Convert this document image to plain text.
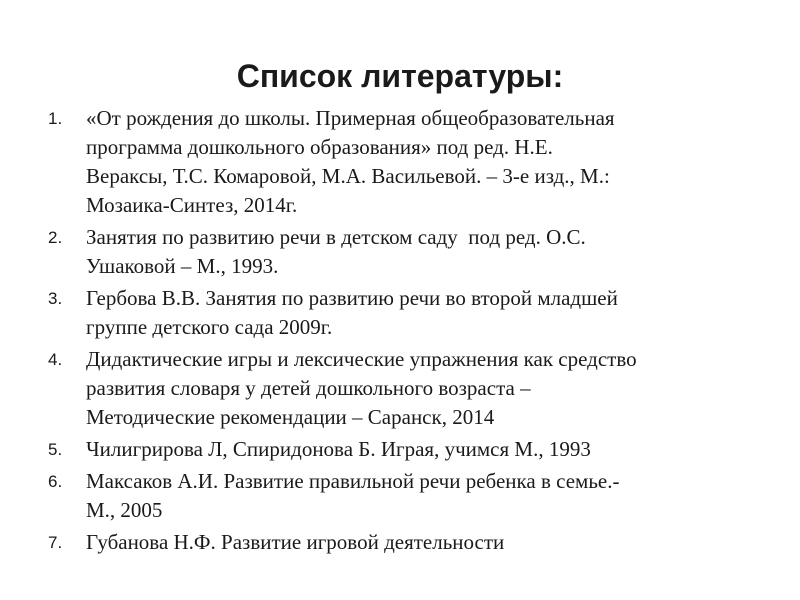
Список литературы:
1.	«От рождения до школы. Примерная общеобразовательная
программа дошкольного образования» под ред. Н.Е.
Вераксы, Т.С. Комаровой, М.А. Васильевой. – 3-е изд., М.:
Мозаика-Синтез, 2014г.
2.	Занятия по развитию речи в детском саду  под ред. О.С.
Ушаковой – М., 1993.
3.	Гербова В.В. Занятия по развитию речи во второй младшей
группе детского сада 2009г.
4.	Дидактические игры и лексические упражнения как средство
развития словаря у детей дошкольного возраста –
Методические рекомендации – Саранск, 2014
5.	Чилигрирова Л, Спиридонова Б. Играя, учимся М., 1993
6.	Максаков А.И. Развитие правильной речи ребенка в семье.-
М., 2005
7.	Губанова Н.Ф. Развитие игровой деятельности
